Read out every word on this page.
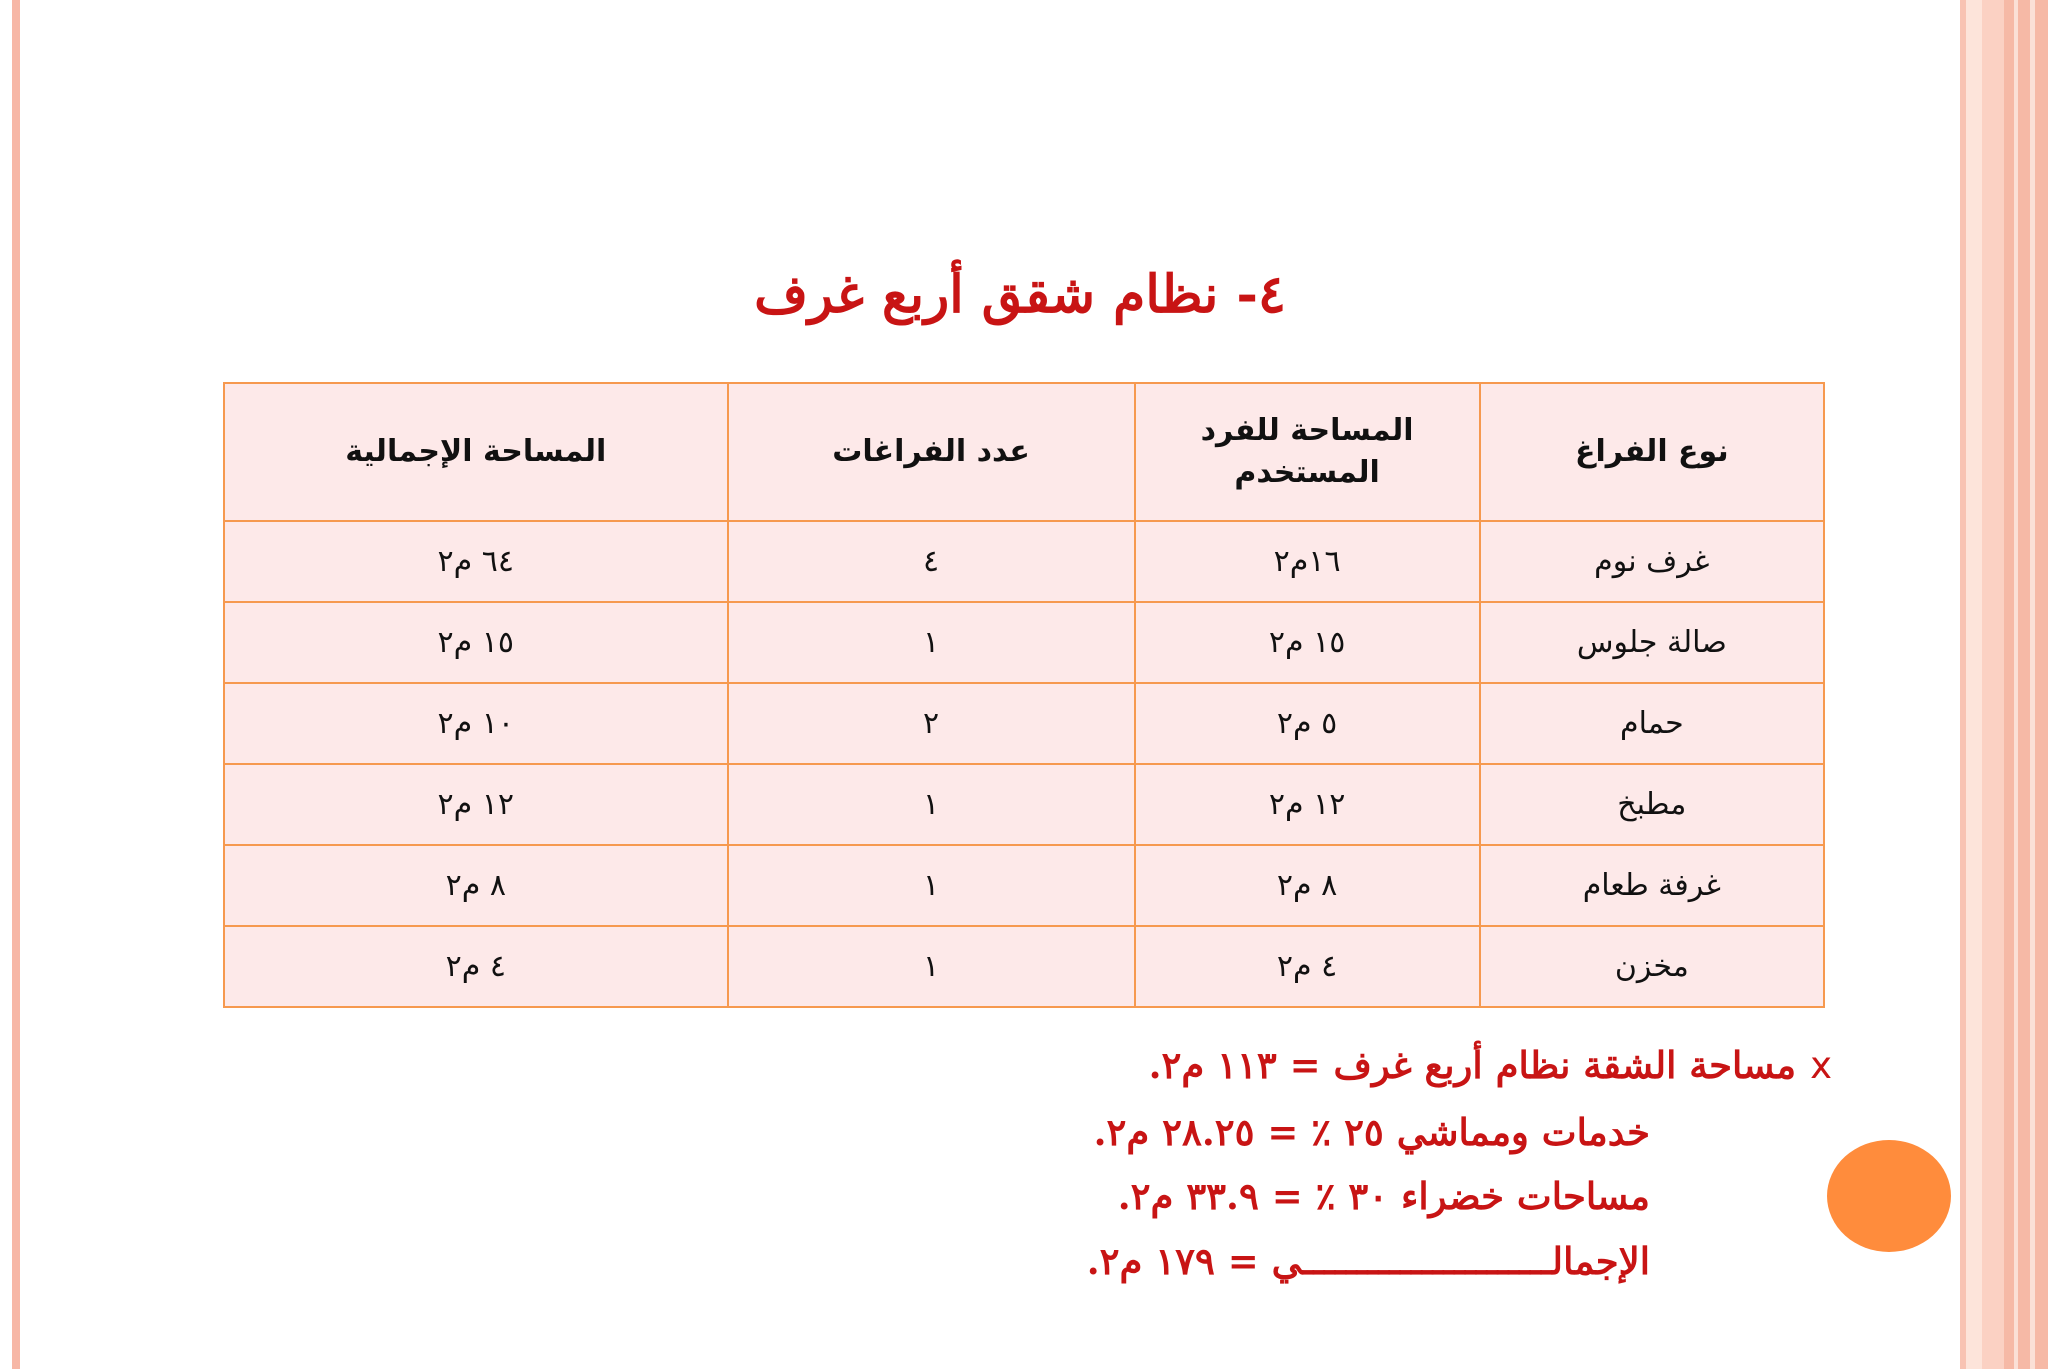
٤- نظام شقق أربع غرف
نوع الفراغ	المساحة للفرد المستخدم	عدد الفراغات	المساحة الإجمالية
غرف نوم	١٦م٢	٤	٦٤ م٢
صالة جلوس	١٥ م٢	١	١٥ م٢
حمام	٥ م٢	٢	١٠ م٢
مطبخ	١٢ م٢	١	١٢ م٢
غرفة طعام	٨ م٢	١	٨ م٢
مخزن	٤ م٢	١	٤ م٢
xمساحة الشقة نظام أربع غرف = ١١٣ م٢.
خدمات ومماشي ٢٥ ٪ = ٢٨.٢٥ م٢.
مساحات خضراء ٣٠ ٪ = ٣٣.٩ م٢.
الإجمالـــــــــــــــــــــــي = ١٧٩ م٢.
